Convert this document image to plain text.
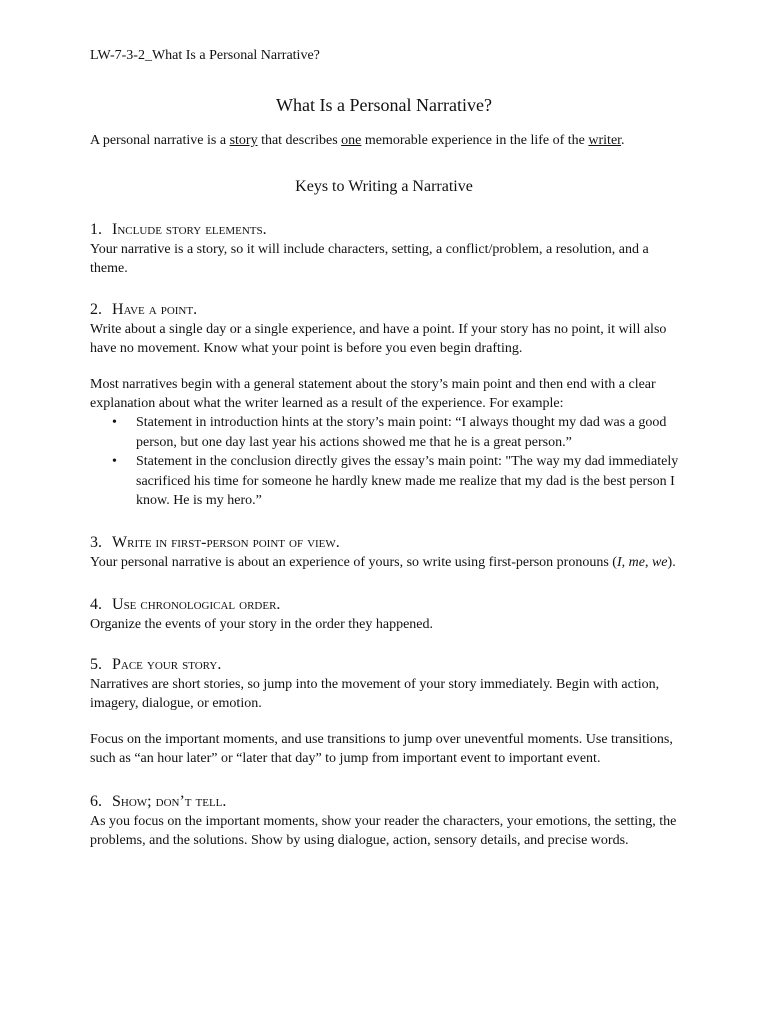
LW-7-3-2_What Is a Personal Narrative?
What Is a Personal Narrative?
A personal narrative is a story that describes one memorable experience in the life of the writer.
Keys to Writing a Narrative

1. Include story elements.

Your narrative is a story, so it will include characters, setting, a conflict/problem, a resolution, and a theme.

2. Have a point.

Write about a single day or a single experience, and have a point. If your story has no point, it will also have no movement. Know what your point is before you even begin drafting.

Most narratives begin with a general statement about the story’s main point and then end with a clear explanation about what the writer learned as a result of the experience. For example:

• Statement in introduction hints at the story’s main point: “I always thought my dad was a good person, but one day last year his actions showed me that he is a great person.”
• Statement in the conclusion directly gives the essay’s main point: "The way my dad immediately sacrificed his time for someone he hardly knew made me realize that my dad is the best person I know. He is my hero.”

3. Write in first-person point of view.

Your personal narrative is about an experience of yours, so write using first-person pronouns (I, me, we).

4. Use chronological order.

Organize the events of your story in the order they happened.

5. Pace your story.

Narratives are short stories, so jump into the movement of your story immediately. Begin with action, imagery, dialogue, or emotion.

Focus on the important moments, and use transitions to jump over uneventful moments. Use transitions, such as “an hour later” or “later that day” to jump from important event to important event.

6. Show; don’t tell.

As you focus on the important moments, show your reader the characters, your emotions, the setting, the problems, and the solutions. Show by using dialogue, action, sensory details, and precise words.
